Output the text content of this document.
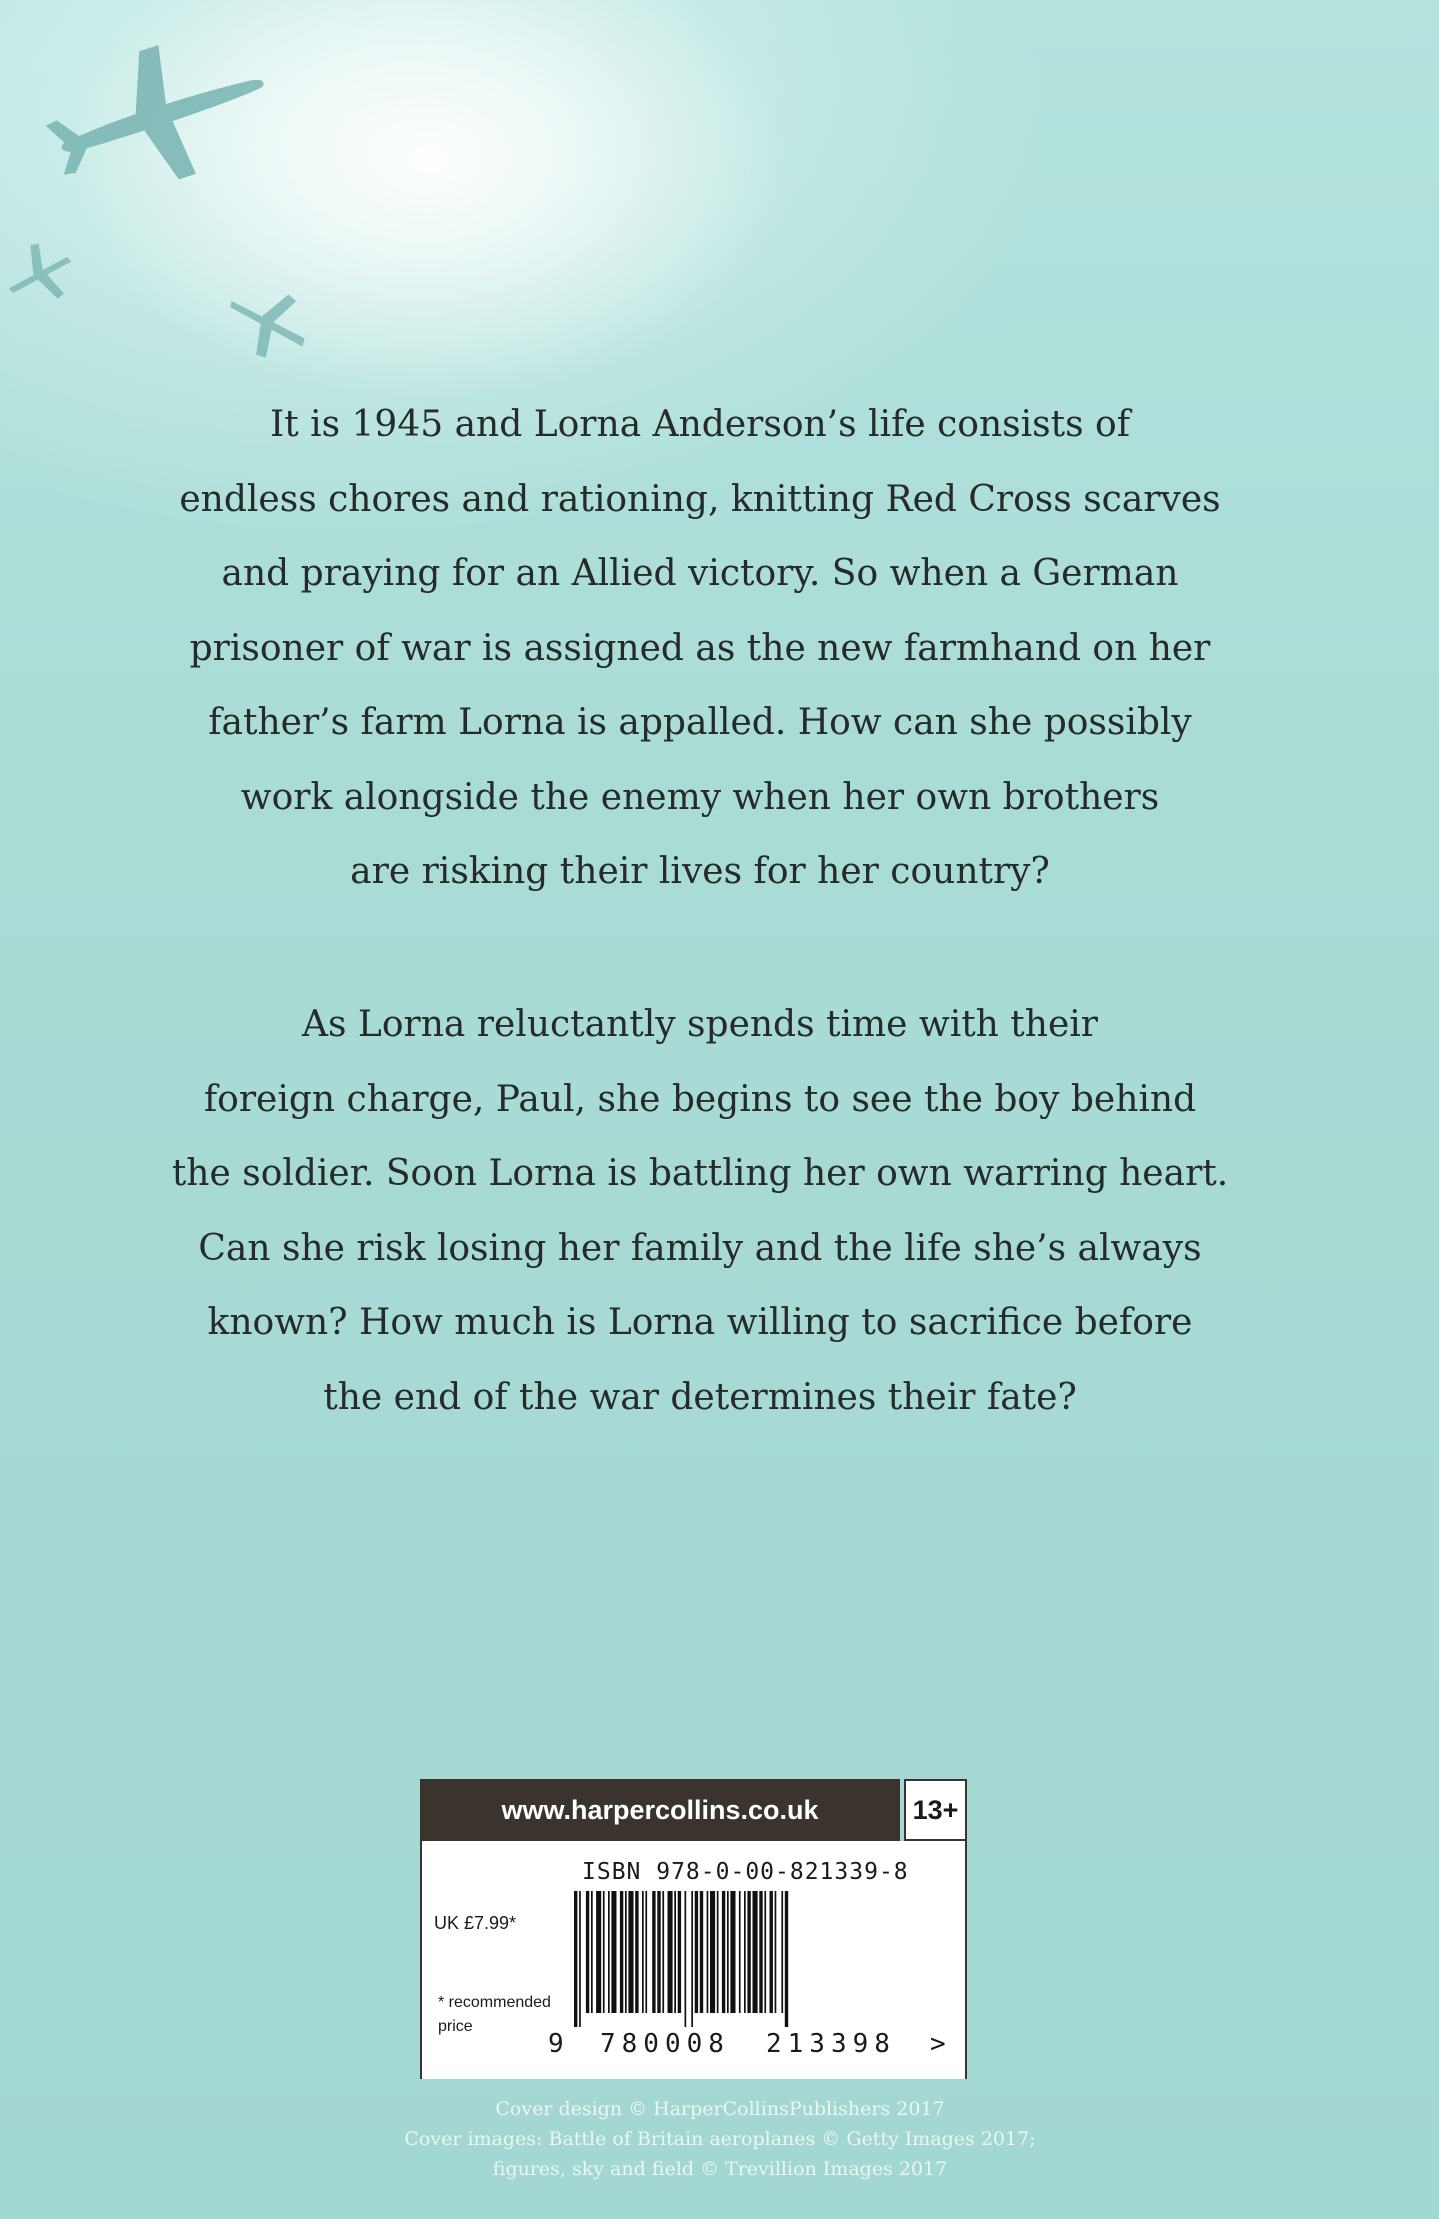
It is 1945 and Lorna Anderson’s life consists of
endless chores and rationing, knitting Red Cross scarves
and praying for an Allied victory. So when a German
prisoner of war is assigned as the new farmhand on her
father’s farm Lorna is appalled. How can she possibly
work alongside the enemy when her own brothers
are risking their lives for her country?

As Lorna reluctantly spends time with their
foreign charge, Paul, she begins to see the boy behind
the soldier. Soon Lorna is battling her own warring heart.
Can she risk losing her family and the life she’s always
known? How much is Lorna willing to sacrifice before
the end of the war determines their fate?

www.harpercollins.co.uk	13+
ISBN 978-0-00-821339-8
UK £7.99*
* recommended
price
9 780008 213398 >
Cover design © HarperCollinsPublishers 2017
Cover images: Battle of Britain aeroplanes © Getty Images 2017;
figures, sky and field © Trevillion Images 2017
